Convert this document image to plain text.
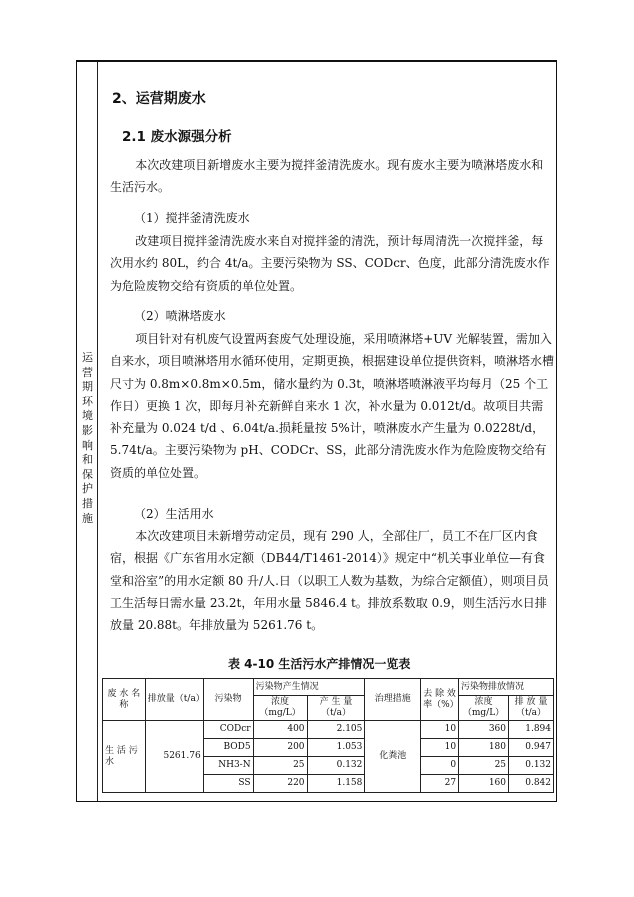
运营期环境影响和保护措施
2、运营期废水
2.1 废水源强分析

本次改建项目新增废水主要为搅拌釜清洗废水。现有废水主要为喷淋塔废水和生活污水。

（1）搅拌釜清洗废水

改建项目搅拌釜清洗废水来自对搅拌釜的清洗，预计每周清洗一次搅拌釜，每次用水约 80L，约合 4t/a。主要污染物为 SS、CODcr、色度，此部分清洗废水作为危险废物交给有资质的单位处置。

（2）喷淋塔废水

项目针对有机废气设置两套废气处理设施，采用喷淋塔+UV 光解装置，需加入自来水，项目喷淋塔用水循环使用，定期更换，根据建设单位提供资料，喷淋塔水槽尺寸为 0.8m×0.8m×0.5m，储水量约为 0.3t，喷淋塔喷淋液平均每月（25 个工作日）更换 1 次，即每月补充新鲜自来水 1 次，补水量为 0.012t/d。故项目共需补充量为 0.024 t/d 、6.04t/a.损耗量按 5%计，喷淋废水产生量为 0.0228t/d，5.74t/a。主要污染物为 pH、CODCr、SS，此部分清洗废水作为危险废物交给有资质的单位处置。

（2）生活用水

本次改建项目未新增劳动定员，现有 290 人，全部住厂，员工不在厂区内食宿，根据《广东省用水定额（DB44/T1461-2014）》规定中“机关事业单位—有食堂和浴室”的用水定额 80 升/人.日（以职工人数为基数，为综合定额值），则项目员工生活每日需水量 23.2t，年用水量 5846.4 t。排放系数取 0.9，则生活污水日排放量 20.88t。年排放量为 5261.76 t。

表 4-10 生活污水产排情况一览表
废 水 名称	排放量（t/a）	污染物	污染物产生情况		治理措施	去 除 效率（%）	污染物排放情况	
			浓度（mg/L）	产 生 量（t/a）			浓度（mg/L）	排 放 量（t/a）
生 活 污水	5261.76	CODcr	400	2.105	化粪池	10	360	1.894
		BOD5	200	1.053		10	180	0.947
		NH3-N	25	0.132		0	25	0.132
		SS	220	1.158		27	160	0.842
